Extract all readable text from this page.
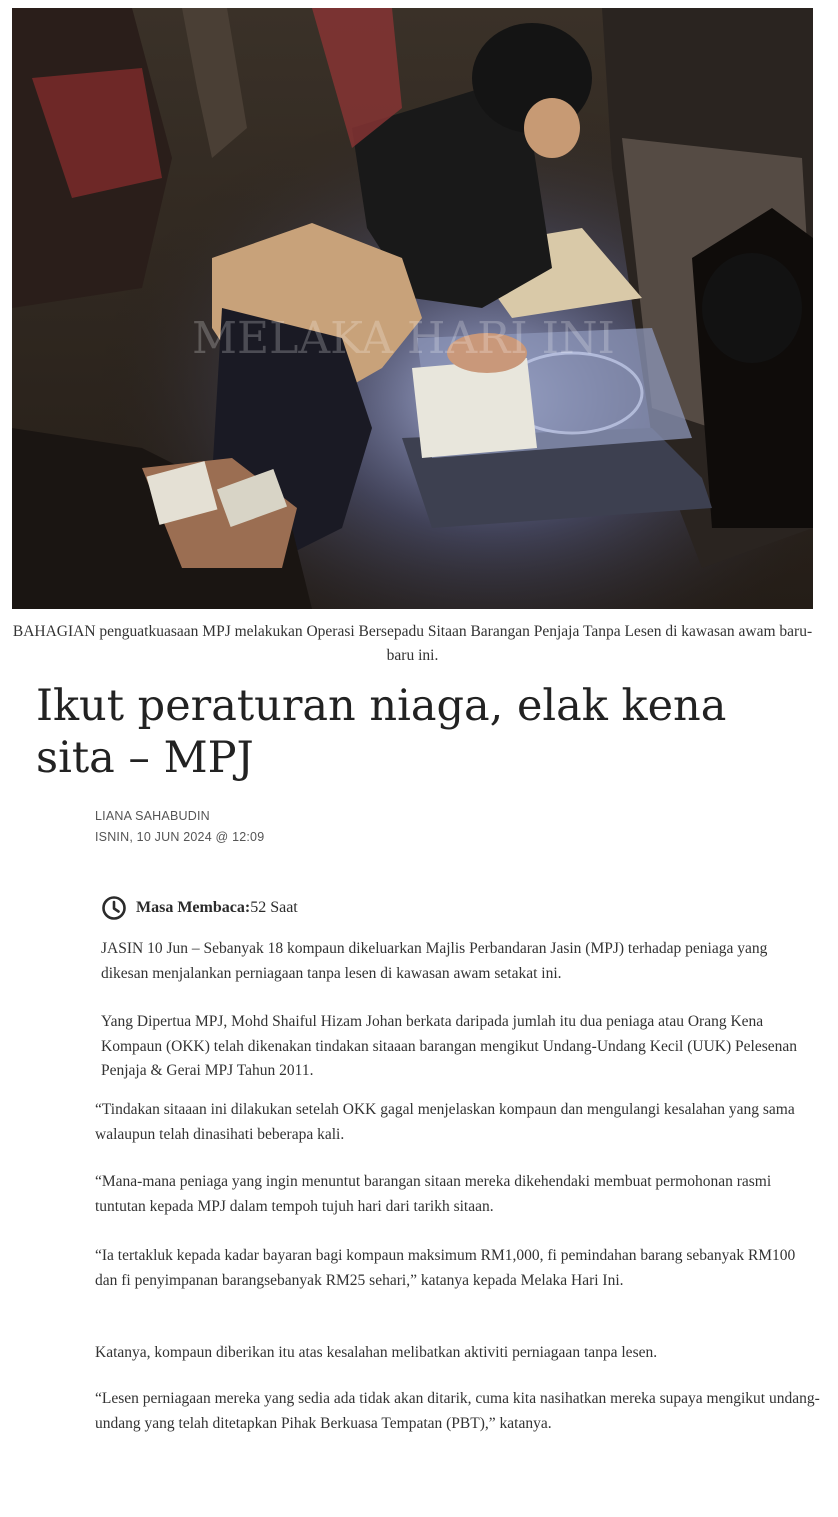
MELAKA HARI INI
BAHAGIAN penguatkuasaan MPJ melakukan Operasi Bersepadu Sitaan Barangan Penjaja Tanpa Lesen di kawasan awam baru-baru ini.
Ikut peraturan niaga, elak kena sita – MPJ
LIANA SAHABUDIN
ISNIN, 10 JUN 2024 @ 12:09
Masa Membaca: 52 Saat

JASIN 10 Jun – Sebanyak 18 kompaun dikeluarkan Majlis Perbandaran Jasin (MPJ) terhadap peniaga yang dikesan menjalankan perniagaan tanpa lesen di kawasan awam setakat ini.

Yang Dipertua MPJ, Mohd Shaiful Hizam Johan berkata daripada jumlah itu dua peniaga atau Orang Kena Kompaun (OKK) telah dikenakan tindakan sitaaan barangan mengikut Undang-Undang Kecil (UUK) Pelesenan Penjaja & Gerai MPJ Tahun 2011.

“Tindakan sitaaan ini dilakukan setelah OKK gagal menjelaskan kompaun dan mengulangi kesalahan yang sama walaupun telah dinasihati beberapa kali.

“Mana-mana peniaga yang ingin menuntut barangan sitaan mereka dikehendaki membuat permohonan rasmi tuntutan kepada MPJ dalam tempoh tujuh hari dari tarikh sitaan.

“Ia tertakluk kepada kadar bayaran bagi kompaun maksimum RM1,000, fi pemindahan barang sebanyak RM100 dan fi penyimpanan barangsebanyak RM25 sehari,” katanya kepada Melaka Hari Ini.

Katanya, kompaun diberikan itu atas kesalahan melibatkan aktiviti perniagaan tanpa lesen.

“Lesen perniagaan mereka yang sedia ada tidak akan ditarik, cuma kita nasihatkan mereka supaya mengikut undang-undang yang telah ditetapkan Pihak Berkuasa Tempatan (PBT),” katanya.
